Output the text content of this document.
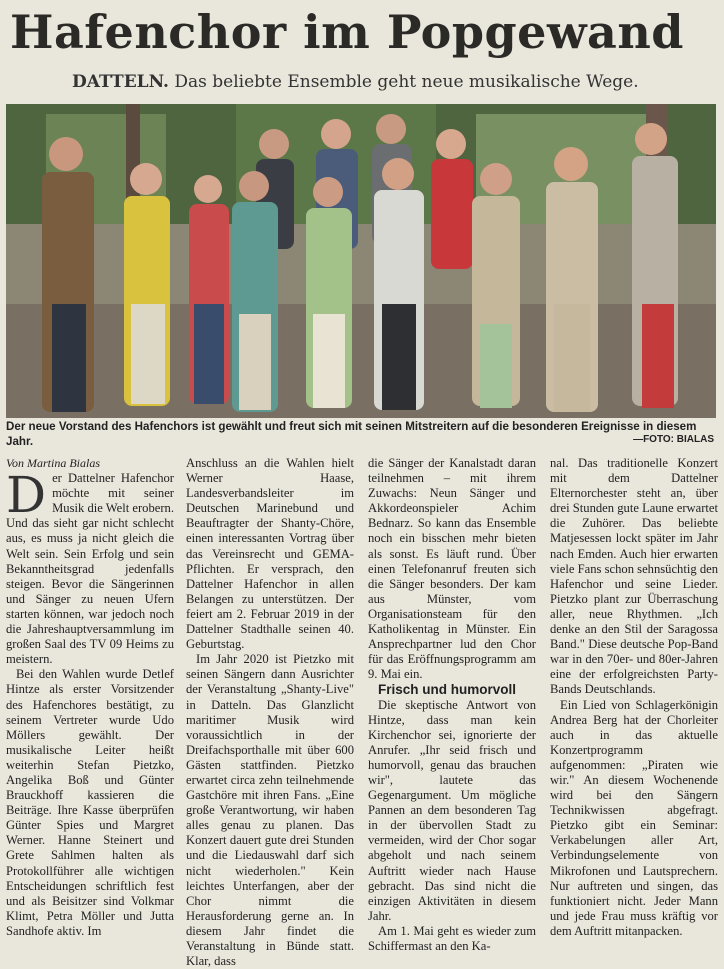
Hafenchor im Popgewand
DATTELN. Das beliebte Ensemble geht neue musikalische Wege.
Der neue Vorstand des Hafenchors ist gewählt und freut sich mit seinen Mitstreitern auf die besonderen Ereignisse in diesem Jahr.	—FOTO: BIALAS

Von Martina Bialas

Der Dattelner Hafenchor möchte mit seiner Musik die Welt erobern. Und das sieht gar nicht schlecht aus, es muss ja nicht gleich die Welt sein. Sein Erfolg und sein Bekanntheitsgrad jedenfalls steigen. Bevor die Sängerinnen und Sänger zu neuen Ufern starten können, war jedoch noch die Jahreshauptversammlung im großen Saal des TV 09 Heims zu meistern.

Bei den Wahlen wurde Detlef Hintze als erster Vorsitzender des Hafenchores bestätigt, zu seinem Vertreter wurde Udo Möllers gewählt. Der musikalische Leiter heißt weiterhin Stefan Pietzko, Angelika Boß und Günter Brauckhoff kassieren die Beiträge. Ihre Kasse überprüfen Günter Spies und Margret Werner. Hanne Steinert und Grete Sahlmen halten als Protokollführer alle wichtigen Entscheidungen schriftlich fest und als Beisitzer sind Volkmar Klimt, Petra Möller und Jutta Sandhofe aktiv. Im

Anschluss an die Wahlen hielt Werner Haase, Landesverbandsleiter im Deutschen Marinebund und Beauftragter der Shanty-Chöre, einen interessanten Vortrag über das Vereinsrecht und GEMA-Pflichten. Er versprach, den Dattelner Hafenchor in allen Belangen zu unterstützen. Der feiert am 2. Februar 2019 in der Dattelner Stadthalle seinen 40. Geburtstag.

Im Jahr 2020 ist Pietzko mit seinen Sängern dann Ausrichter der Veranstaltung „Shanty-Live" in Datteln. Das Glanzlicht maritimer Musik wird voraussichtlich in der Dreifachsporthalle mit über 600 Gästen stattfinden. Pietzko erwartet circa zehn teilnehmende Gastchöre mit ihren Fans. „Eine große Verantwortung, wir haben alles genau zu planen. Das Konzert dauert gute drei Stunden und die Liedauswahl darf sich nicht wiederholen." Kein leichtes Unterfangen, aber der Chor nimmt die Herausforderung gerne an. In diesem Jahr findet die Veranstaltung in Bünde statt. Klar, dass

die Sänger der Kanalstadt daran teilnehmen – mit ihrem Zuwachs: Neun Sänger und Akkordeonspieler Achim Bednarz. So kann das Ensemble noch ein bisschen mehr bieten als sonst. Es läuft rund. Über einen Telefonanruf freuten sich die Sänger besonders. Der kam aus Münster, vom Organisationsteam für den Katholikentag in Münster. Ein Ansprechpartner lud den Chor für das Eröffnungsprogramm am 9. Mai ein.

Frisch und humorvoll

Die skeptische Antwort von Hintze, dass man kein Kirchenchor sei, ignorierte der Anrufer. „Ihr seid frisch und humorvoll, genau das brauchen wir", lautete das Gegenargument. Um mögliche Pannen an dem besonderen Tag in der übervollen Stadt zu vermeiden, wird der Chor sogar abgeholt und nach seinem Auftritt wieder nach Hause gebracht. Das sind nicht die einzigen Aktivitäten in diesem Jahr.

Am 1. Mai geht es wieder zum Schiffermast an den Ka-

nal. Das traditionelle Konzert mit dem Dattelner Elternorchester steht an, über drei Stunden gute Laune erwartet die Zuhörer. Das beliebte Matjesessen lockt später im Jahr nach Emden. Auch hier erwarten viele Fans schon sehnsüchtig den Hafenchor und seine Lieder. Pietzko plant zur Überraschung aller, neue Rhythmen. „Ich denke an den Stil der Saragossa Band." Diese deutsche Pop-Band war in den 70er- und 80er-Jahren eine der erfolgreichsten Party-Bands Deutschlands.

Ein Lied von Schlagerkönigin Andrea Berg hat der Chorleiter auch in das aktuelle Konzertprogramm aufgenommen: „Piraten wie wir." An diesem Wochenende wird bei den Sängern Technikwissen abgefragt. Pietzko gibt ein Seminar: Verkabelungen aller Art, Verbindungselemente von Mikrofonen und Lautsprechern. Nur auftreten und singen, das funktioniert nicht. Jeder Mann und jede Frau muss kräftig vor dem Auftritt mitanpacken.
